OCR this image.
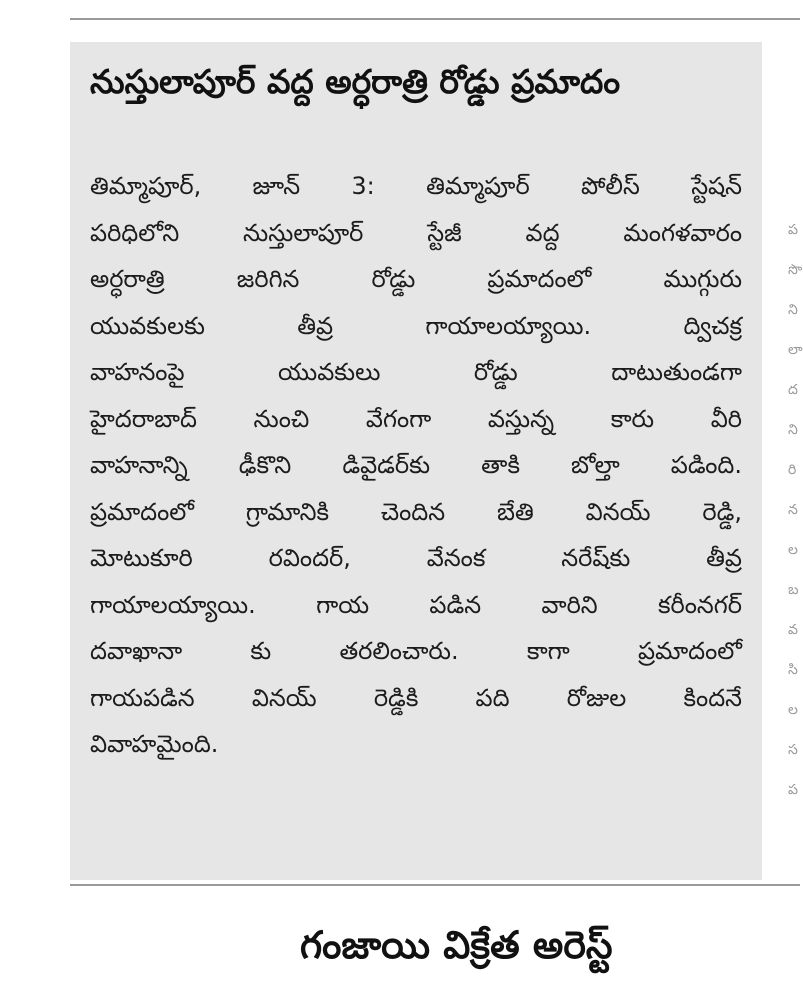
నుస్తులాపూర్ వద్ద అర్ధరాత్రి రోడ్డు ప్రమాదం
తిమ్మాపూర్, జూన్ 3: తిమ్మాపూర్ పోలీస్ స్టేషన్
పరిధిలోని నుస్తులాపూర్ స్టేజీ వద్ద మంగళవారం
అర్ధరాత్రి జరిగిన రోడ్డు ప్రమాదంలో ముగ్గురు
యువకులకు తీవ్ర గాయాలయ్యాయి. ద్విచక్ర
వాహనంపై యువకులు రోడ్డు దాటుతుండగా
హైదరాబాద్ నుంచి వేగంగా వస్తున్న కారు వీరి
వాహనాన్ని ఢీకొని డివైడర్‌కు తాకి బోల్తా పడింది.
ప్రమాదంలో గ్రామానికి చెందిన బేతి వినయ్ రెడ్డి,
మోటుకూరి రవిందర్, వేనంక నరేష్‌కు తీవ్ర
గాయాలయ్యాయి. గాయ పడిన వారిని కరీంనగర్
దవాఖానా కు తరలించారు. కాగా ప్రమాదంలో
గాయపడిన వినయ్ రెడ్డికి పది రోజుల కిందనే
వివాహమైంది.
గంజాయి విక్రేత అరెస్ట్
ప
సొ
ని
లా
ద
ని
రి
న
ల
బ
వ
సి
ల
స
ప
